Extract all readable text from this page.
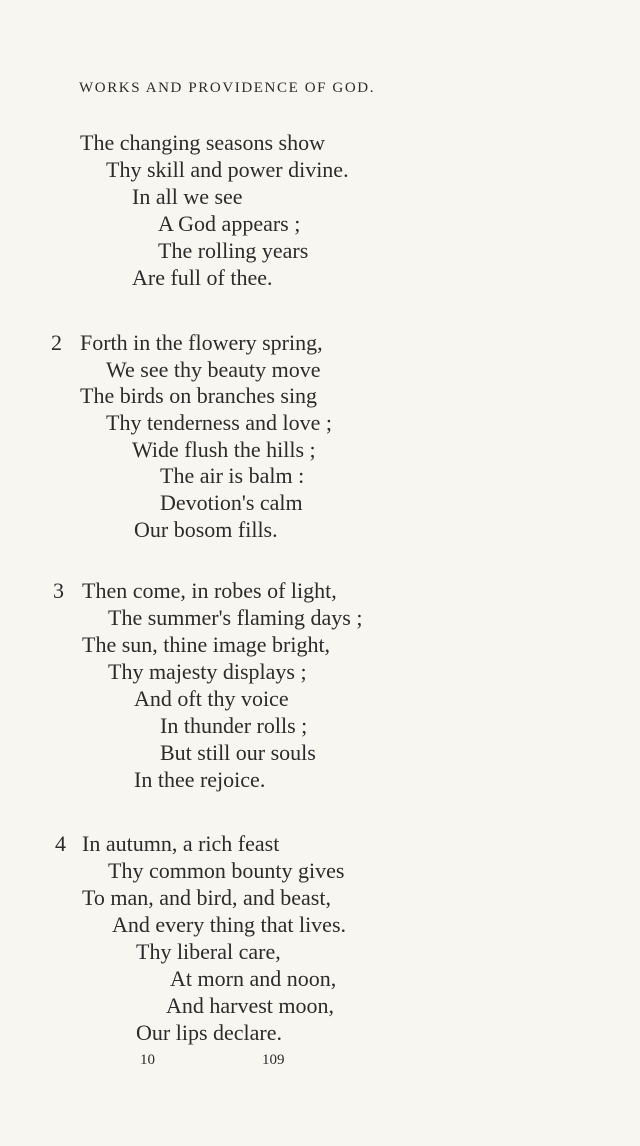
WORKS AND PROVIDENCE OF GOD.
The changing seasons show
Thy skill and power divine.
In all we see
A God appears ;
The rolling years
Are full of thee.
2 Forth in the flowery spring,
We see thy beauty move
The birds on branches sing
Thy tenderness and love ;
Wide flush the hills ;
The air is balm :
Devotion's calm
Our bosom fills.
3 Then come, in robes of light,
The summer's flaming days ;
The sun, thine image bright,
Thy majesty displays ;
And oft thy voice
In thunder rolls ;
But still our souls
In thee rejoice.
4 In autumn, a rich feast
Thy common bounty gives
To man, and bird, and beast,
And every thing that lives.
Thy liberal care,
At morn and noon,
And harvest moon,
Our lips declare.
10	109
